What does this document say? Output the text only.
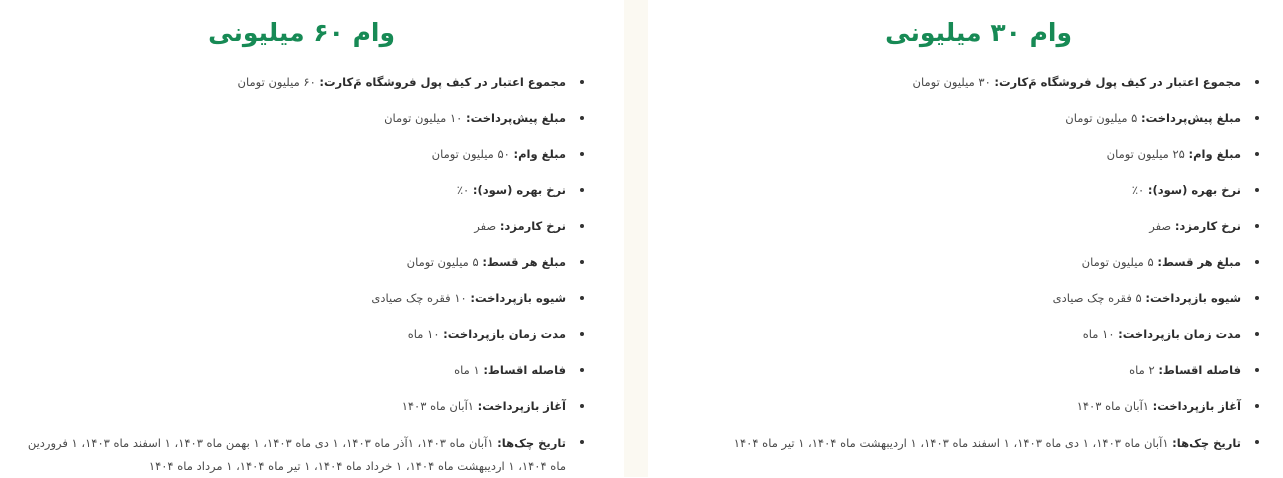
وام ۶۰ میلیونی
مجموع اعتبار در کیف پول فروشگاه مَ‌کارت: ۶۰ میلیون تومان
مبلغ پیش‌پرداخت: ۱۰ میلیون تومان
مبلغ وام: ۵۰ میلیون تومان
نرخ بهره (سود): ۰٪
نرخ کارمزد: صفر
مبلغ هر قسط: ۵ میلیون تومان
شیوه بازپرداخت: ۱۰ فقره چک صیادی
مدت زمان بازپرداخت: ۱۰ ماه
فاصله اقساط: ۱ ماه
آغاز بازپرداخت: ۱آبان ماه ۱۴۰۳
تاریخ چک‌ها: ۱آبان ماه ۱۴۰۳، ۱آذر ماه ۱۴۰۳، ۱ دی ماه ۱۴۰۳، ۱ بهمن ماه ۱۴۰۳، ۱ اسفند ماه ۱۴۰۳، ۱ فروردین ماه ۱۴۰۴، ۱ اردیبهشت ماه ۱۴۰۴، ۱ خرداد ماه ۱۴۰۴، ۱ تیر ماه ۱۴۰۴، ۱ مرداد ماه ۱۴۰۴
وام ۳۰ میلیونی
مجموع اعتبار در کیف پول فروشگاه مَ‌کارت: ۳۰ میلیون تومان
مبلغ پیش‌پرداخت: ۵ میلیون تومان
مبلغ وام: ۲۵ میلیون تومان
نرخ بهره (سود): ۰٪
نرخ کارمزد: صفر
مبلغ هر قسط: ۵ میلیون تومان
شیوه بازپرداخت: ۵ فقره چک صیادی
مدت زمان بازپرداخت: ۱۰ ماه
فاصله اقساط: ۲ ماه
آغاز بازپرداخت: ۱آبان ماه ۱۴۰۳
تاریخ چک‌ها: ۱آبان ماه ۱۴۰۳، ۱ دی ماه ۱۴۰۳، ۱ اسفند ماه ۱۴۰۳، ۱ اردیبهشت ماه ۱۴۰۴، ۱ تیر ماه ۱۴۰۴
